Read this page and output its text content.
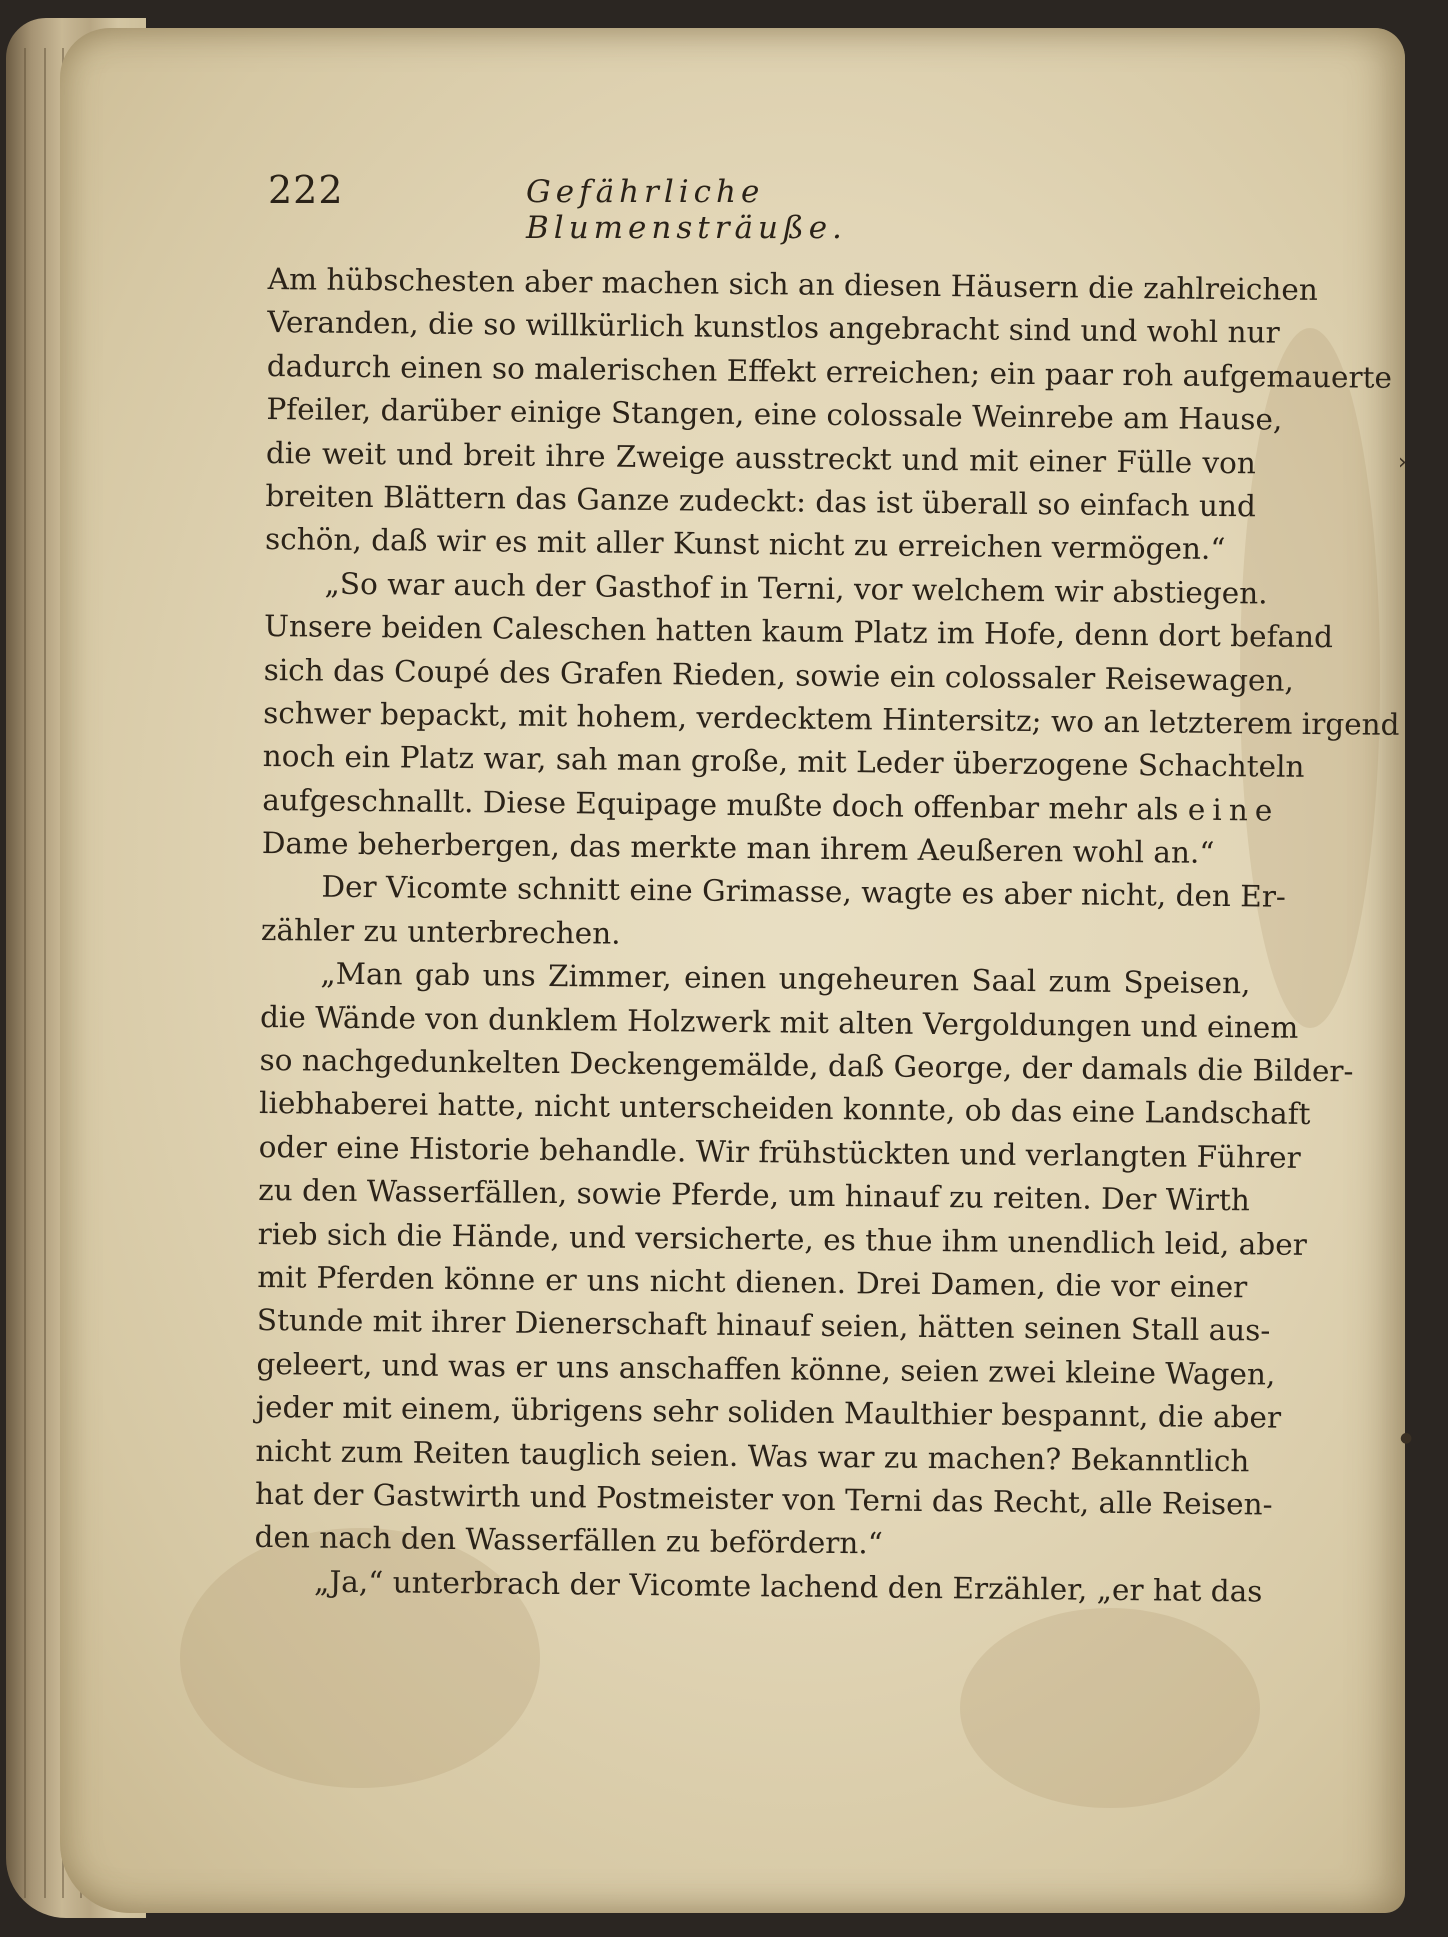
222	Gefährliche Blumensträuße.
Am hübschesten aber machen sich an diesen Häusern die zahlreichen
Veranden, die so willkürlich kunstlos angebracht sind und wohl nur
dadurch einen so malerischen Effekt erreichen; ein paar roh aufgemauerte
Pfeiler, darüber einige Stangen, eine colossale Weinrebe am Hause,
die weit und breit ihre Zweige ausstreckt und mit einer Fülle von
breiten Blättern das Ganze zudeckt: das ist überall so einfach und
schön, daß wir es mit aller Kunst nicht zu erreichen vermögen.“
„So war auch der Gasthof in Terni, vor welchem wir abstiegen.
Unsere beiden Caleschen hatten kaum Platz im Hofe, denn dort befand
sich das Coupé des Grafen Rieden, sowie ein colossaler Reisewagen,
schwer bepackt, mit hohem, verdecktem Hintersitz; wo an letzterem irgend
noch ein Platz war, sah man große, mit Leder überzogene Schachteln
aufgeschnallt. Diese Equipage mußte doch offenbar mehr als eine
Dame beherbergen, das merkte man ihrem Aeußeren wohl an.“
Der Vicomte schnitt eine Grimasse, wagte es aber nicht, den Er-
zähler zu unterbrechen.
„Man gab uns Zimmer, einen ungeheuren Saal zum Speisen,
die Wände von dunklem Holzwerk mit alten Vergoldungen und einem
so nachgedunkelten Deckengemälde, daß George, der damals die Bilder-
liebhaberei hatte, nicht unterscheiden konnte, ob das eine Landschaft
oder eine Historie behandle. Wir frühstückten und verlangten Führer
zu den Wasserfällen, sowie Pferde, um hinauf zu reiten. Der Wirth
rieb sich die Hände, und versicherte, es thue ihm unendlich leid, aber
mit Pferden könne er uns nicht dienen. Drei Damen, die vor einer
Stunde mit ihrer Dienerschaft hinauf seien, hätten seinen Stall aus-
geleert, und was er uns anschaffen könne, seien zwei kleine Wagen,
jeder mit einem, übrigens sehr soliden Maulthier bespannt, die aber
nicht zum Reiten tauglich seien. Was war zu machen? Bekanntlich
hat der Gastwirth und Postmeister von Terni das Recht, alle Reisen-
den nach den Wasserfällen zu befördern.“
„Ja,“ unterbrach der Vicomte lachend den Erzähler, „er hat das
›
●
